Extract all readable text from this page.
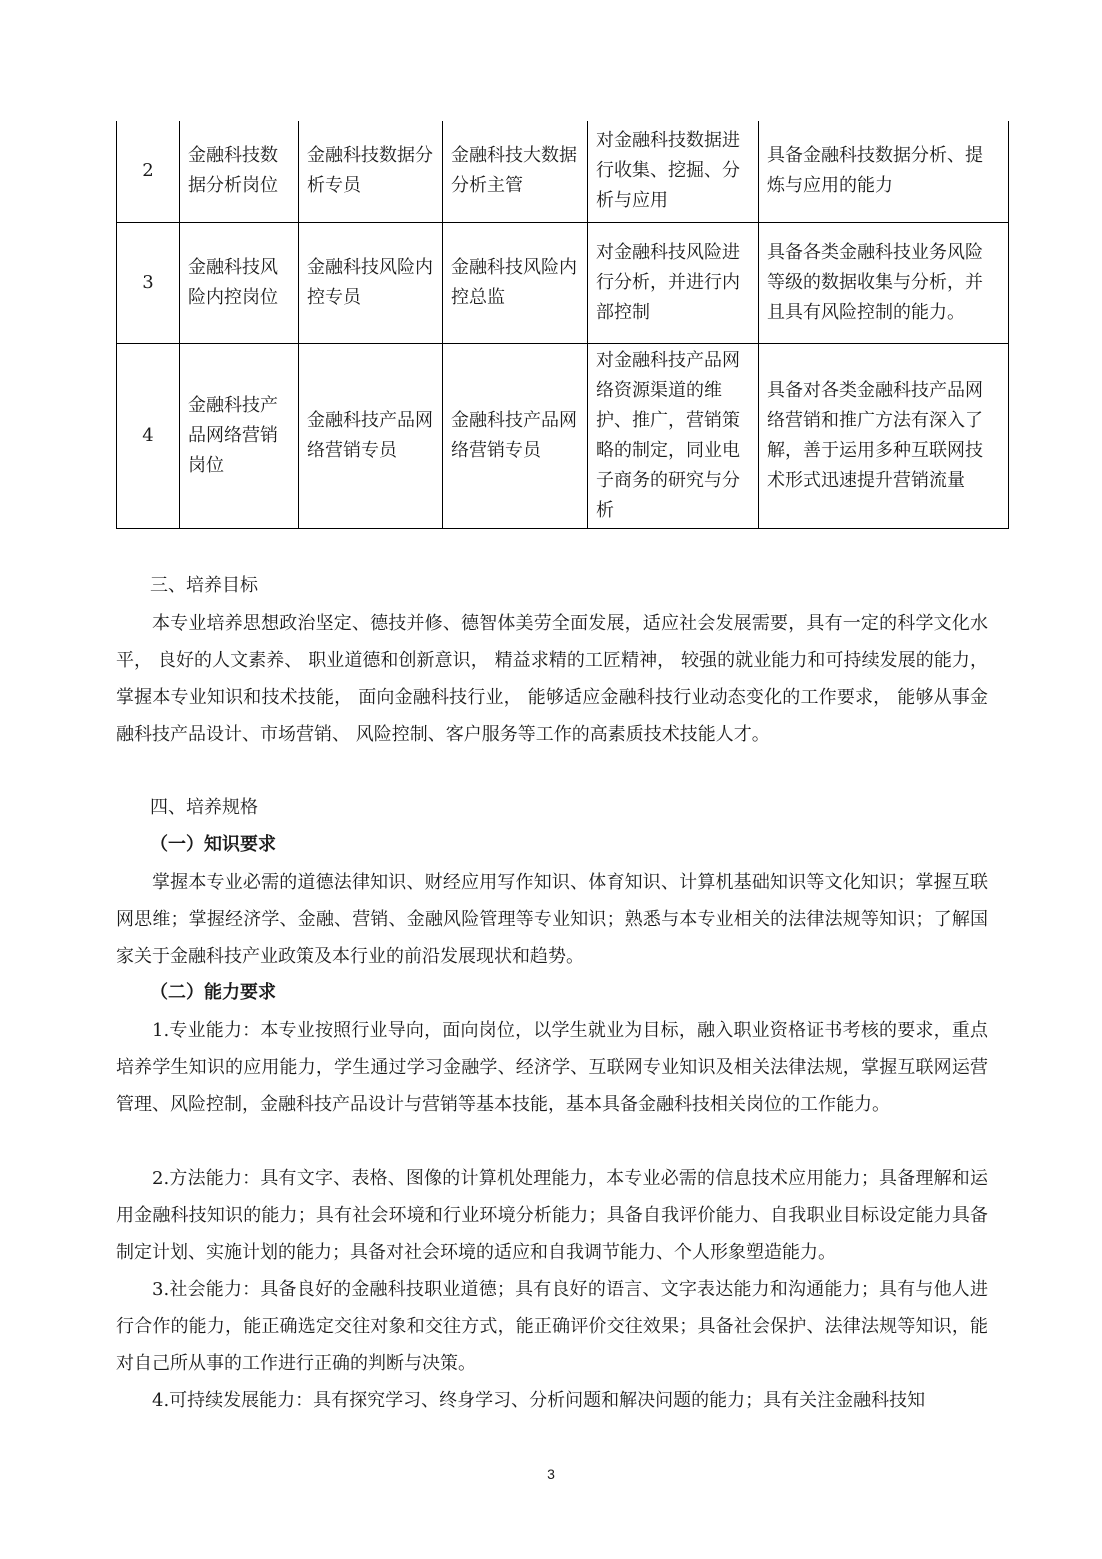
2	金融科技数据分析岗位	金融科技数据分析专员	金融科技大数据分析主管	对金融科技数据进行收集、挖掘、分析与应用	具备金融科技数据分析、提炼与应用的能力
3	金融科技风险内控岗位	金融科技风险内控专员	金融科技风险内控总监	对金融科技风险进行分析，并进行内部控制	具备各类金融科技业务风险等级的数据收集与分析，并且具有风险控制的能力。
4	金融科技产品网络营销岗位	金融科技产品网络营销专员	金融科技产品网络营销专员	对金融科技产品网络资源渠道的维护、推广，营销策略的制定，同业电子商务的研究与分析	具备对各类金融科技产品网络营销和推广方法有深入了解，善于运用多种互联网技术形式迅速提升营销流量
三、培养目标
本专业培养思想政治坚定、德技并修、德智体美劳全面发展，适应社会发展需要，具有一定的科学文化水平， 良好的人文素养、 职业道德和创新意识， 精益求精的工匠精神， 较强的就业能力和可持续发展的能力， 掌握本专业知识和技术技能， 面向金融科技行业， 能够适应金融科技行业动态变化的工作要求， 能够从事金融科技产品设计、市场营销、 风险控制、客户服务等工作的高素质技术技能人才。
四、培养规格
（一）知识要求
掌握本专业必需的道德法律知识、财经应用写作知识、体育知识、计算机基础知识等文化知识；掌握互联网思维；掌握经济学、金融、营销、金融风险管理等专业知识；熟悉与本专业相关的法律法规等知识；了解国家关于金融科技产业政策及本行业的前沿发展现状和趋势。
（二）能力要求
1.专业能力：本专业按照行业导向，面向岗位，以学生就业为目标，融入职业资格证书考核的要求，重点培养学生知识的应用能力，学生通过学习金融学、经济学、互联网专业知识及相关法律法规，掌握互联网运营管理、风险控制，金融科技产品设计与营销等基本技能，基本具备金融科技相关岗位的工作能力。
2.方法能力：具有文字、表格、图像的计算机处理能力，本专业必需的信息技术应用能力；具备理解和运用金融科技知识的能力；具有社会环境和行业环境分析能力；具备自我评价能力、自我职业目标设定能力具备制定计划、实施计划的能力；具备对社会环境的适应和自我调节能力、个人形象塑造能力。
3.社会能力：具备良好的金融科技职业道德；具有良好的语言、文字表达能力和沟通能力；具有与他人进行合作的能力，能正确选定交往对象和交往方式，能正确评价交往效果；具备社会保护、法律法规等知识，能对自己所从事的工作进行正确的判断与决策。
4.可持续发展能力：具有探究学习、终身学习、分析问题和解决问题的能力；具有关注金融科技知
3
